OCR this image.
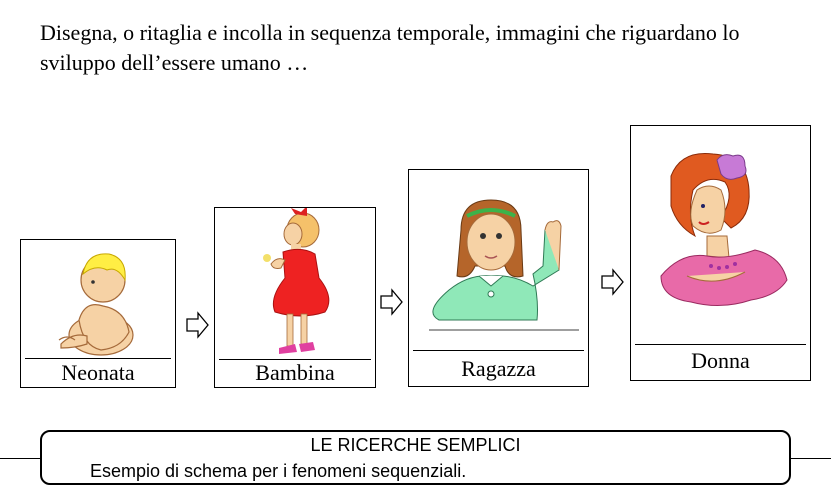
Disegna, o ritaglia e incolla in sequenza temporale, immagini che riguardano lo sviluppo dell’essere umano …
Neonata	Bambina	Ragazza	Donna
LE RICERCHE SEMPLICI
Esempio di schema per i fenomeni sequenziali.
